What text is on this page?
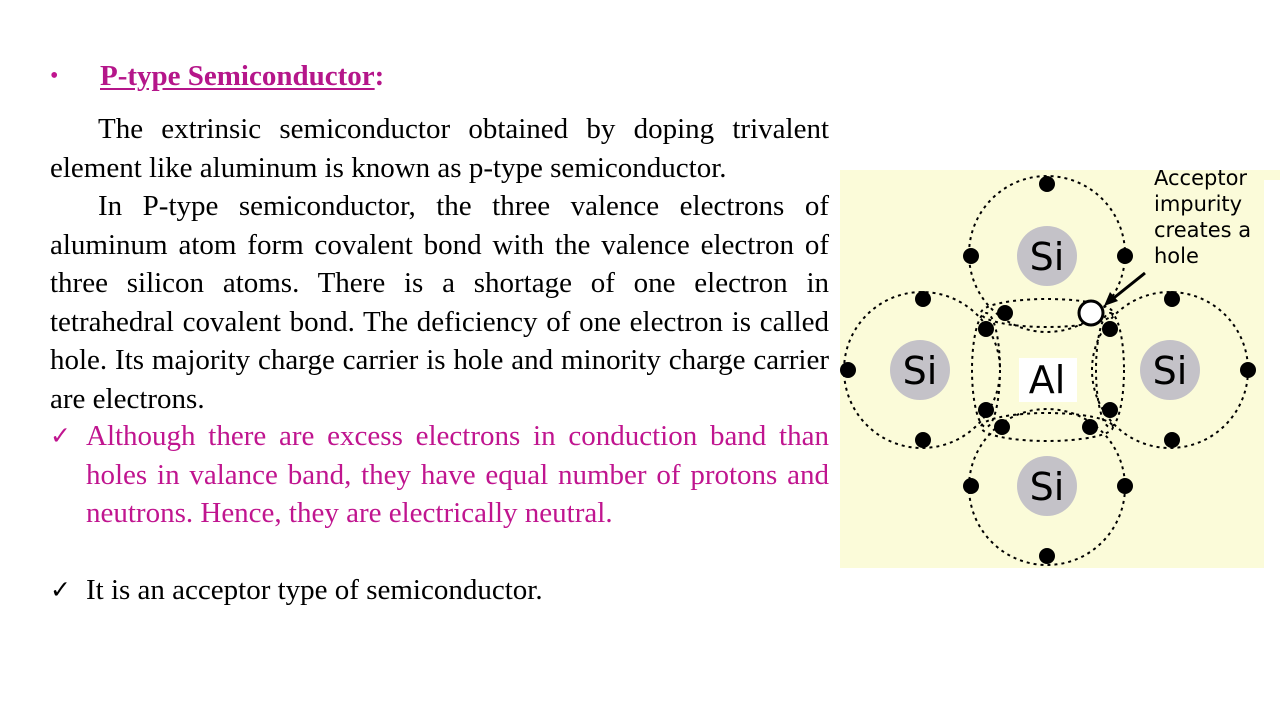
• P-type Semiconductor:

The extrinsic semiconductor obtained by doping trivalent element like aluminum is known as p-type semiconductor.

In P-type semiconductor, the three valence electrons of aluminum atom form covalent bond with the valence electron of three silicon atoms. There is a shortage of one electron in tetrahedral covalent bond. The deficiency of one electron is called hole. Its majority charge carrier is hole and minority charge carrier are electrons.

✓ Although there are excess electrons in conduction band than holes in valance band, they have equal number of protons and neutrons. Hence, they are electrically neutral.

✓ It is an acceptor type of semiconductor.

Si
Si	Si
Si
Al
Acceptor
impurity
creates a
hole
